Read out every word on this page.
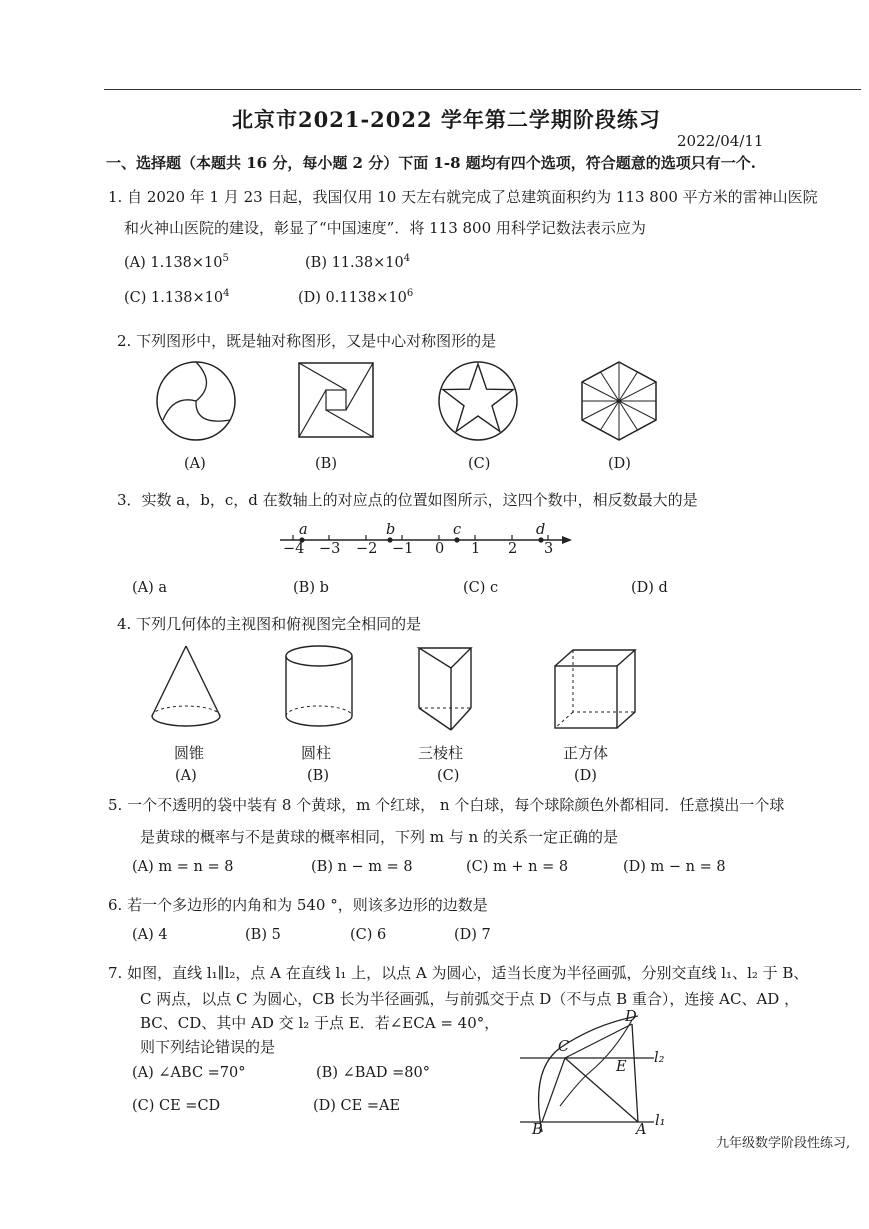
北京市2021-2022 学年第二学期阶段练习
2022/04/11
一、选择题（本题共 16 分，每小题 2 分）下面 1-8 题均有四个选项，符合题意的选项只有一个.
1. 自 2020 年 1 月 23 日起，我国仅用 10 天左右就完成了总建筑面积约为 113 800 平方米的雷神山医院
和火神山医院的建设，彰显了“中国速度”．将 113 800 用科学记数法表示应为
(A) $1.138\times 10^5$	(B) $11.38\times 10^4$
(C) $1.138\times 10^4$	(D) $0.1138\times 10^6$
2. 下列图形中，既是轴对称图形，又是中心对称图形的是
(A)	(B)	(C)	(D)
3．实数 a，b，c，d 在数轴上的对应点的位置如图所示，这四个数中，相反数最大的是
a	b	c	d
−4 −3 −2 −1 0 1 2 3
(A) a	(B) b	(C) c	(D) d
4. 下列几何体的主视图和俯视图完全相同的是
圆锥	圆柱	三棱柱	正方体
(A)	(B)	(C)	(D)
5. 一个不透明的袋中装有 8 个黄球，m 个红球， n 个白球，每个球除颜色外都相同．任意摸出一个球
是黄球的概率与不是黄球的概率相同，下列 m 与 n 的关系一定正确的是
(A) m = n = 8	(B) n − m = 8	(C) m + n = 8	(D) m − n = 8
6. 若一个多边形的内角和为 540 °，则该多边形的边数是
(A) 4	(B) 5	(C) 6	(D) 7
7. 如图，直线 l₁∥l₂，点 A 在直线 l₁ 上，以点 A 为圆心，适当长度为半径画弧，分别交直线 l₁、l₂ 于 B、
C 两点，以点 C 为圆心，CB 长为半径画弧，与前弧交于点 D（不与点 B 重合），连接 AC、AD ，
BC、CD、其中 AD 交 l₂ 于点 E．若∠ECA = 40°，
则下列结论错误的是
(A) ∠ABC =70°	(B) ∠BAD =80°
(C) CE =CD	(D) CE =AE
D
C
E
l₂
B	A
l₁
九年级数学阶段性练习,
